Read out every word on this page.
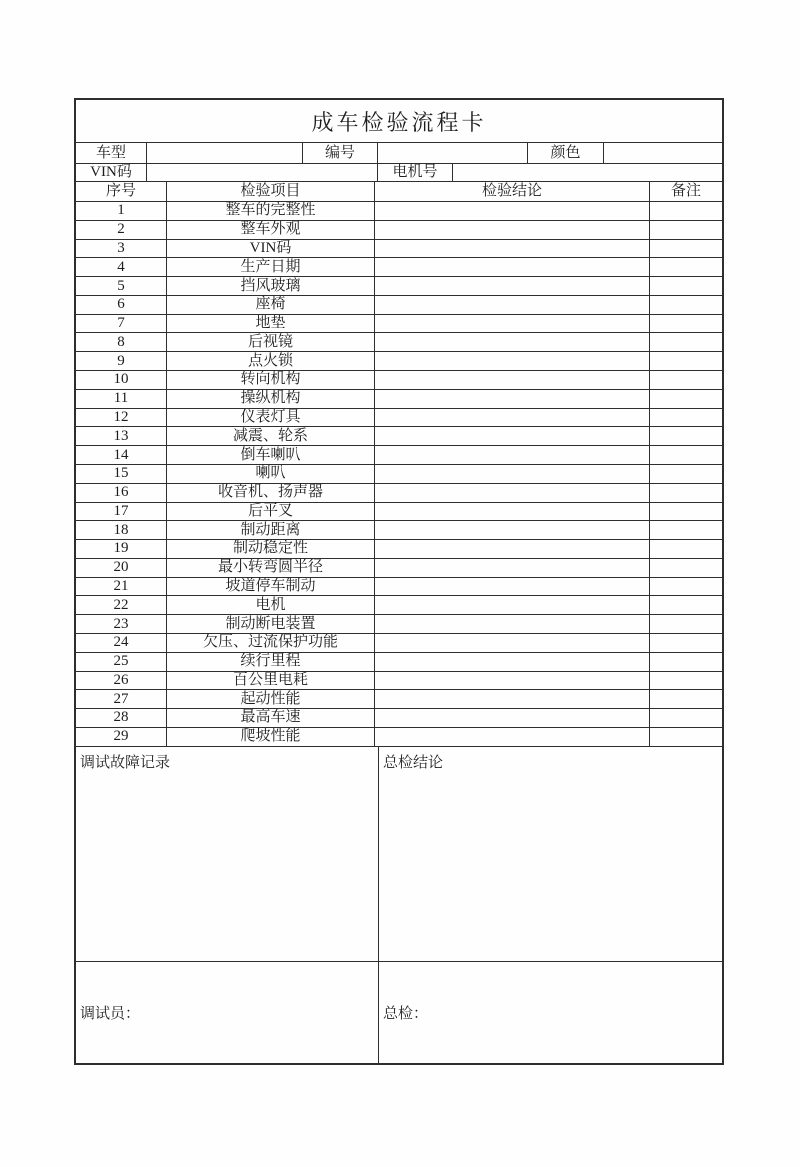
成车检验流程卡
车型	编号	颜色
VIN码	电机号
序号	检验项目	检验结论	备注
1	整车的完整性
2	整车外观
3	VIN码
4	生产日期
5	挡风玻璃
6	座椅
7	地垫
8	后视镜
9	点火锁
10	转向机构
11	操纵机构
12	仪表灯具
13	减震、轮系
14	倒车喇叭
15	喇叭
16	收音机、扬声器
17	后平叉
18	制动距离
19	制动稳定性
20	最小转弯圆半径
21	坡道停车制动
22	电机
23	制动断电装置
24	欠压、过流保护功能
25	续行里程
26	百公里电耗
27	起动性能
28	最高车速
29	爬坡性能
调试故障记录	总检结论
调试员：	总检：
